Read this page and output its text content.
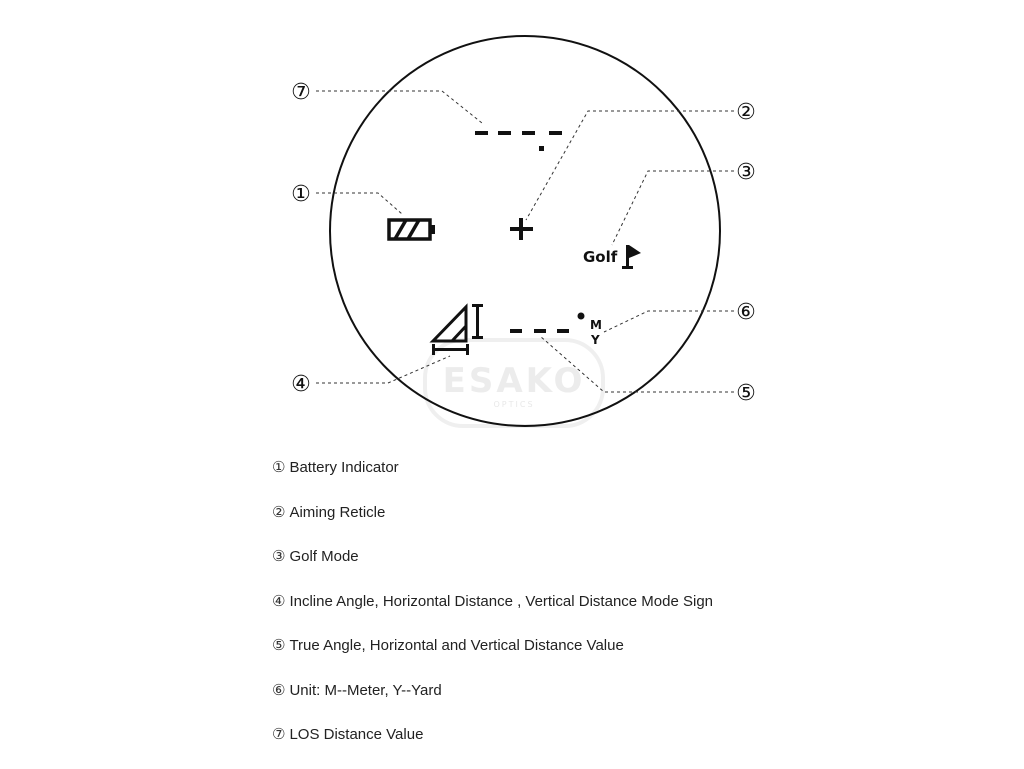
ESAKO
OPTICS
⑦
①
④
②
③
⑥
⑤
Golf
M
Y
① Battery Indicator
② Aiming Reticle
③ Golf Mode
④ Incline Angle, Horizontal Distance , Vertical Distance Mode Sign
⑤ True Angle, Horizontal and Vertical Distance Value
⑥ Unit: M--Meter, Y--Yard
⑦ LOS Distance Value
